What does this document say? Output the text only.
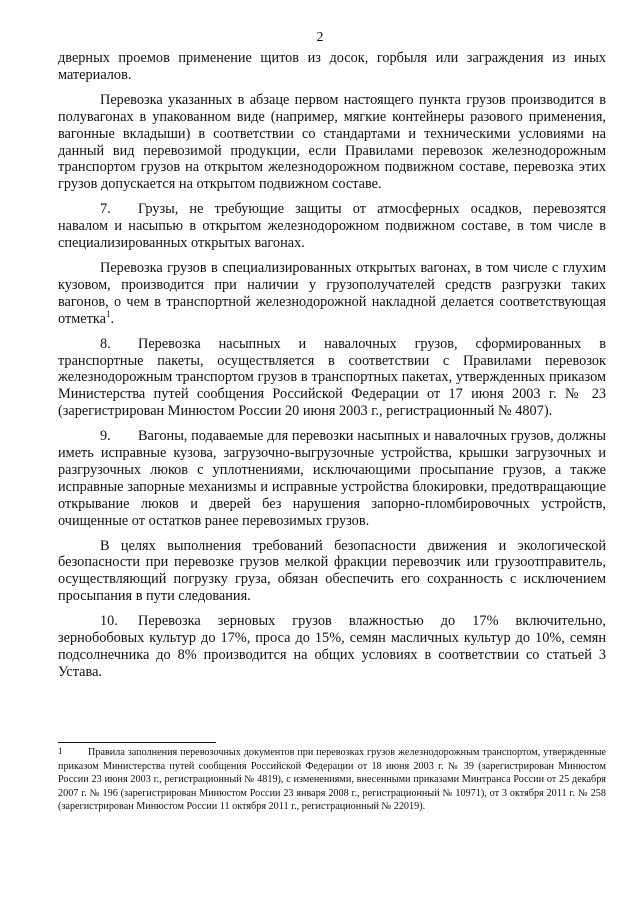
2

дверных проемов применение щитов из досок, горбыля или заграждения из иных материалов.

Перевозка указанных в абзаце первом настоящего пункта грузов производится в полувагонах в упакованном виде (например, мягкие контейнеры разового применения, вагонные вкладыши) в соответствии со стандартами и техническими условиями на данный вид перевозимой продукции, если Правилами перевозок железнодорожным транспортом грузов на открытом железнодорожном подвижном составе, перевозка этих грузов допускается на открытом подвижном составе.

7. Грузы, не требующие защиты от атмосферных осадков, перевозятся навалом и насыпью в открытом железнодорожном подвижном составе, в том числе в специализированных открытых вагонах.

Перевозка грузов в специализированных открытых вагонах, в том числе с глухим кузовом, производится при наличии у грузополучателей средств разгрузки таких вагонов, о чем в транспортной железнодорожной накладной делается соответствующая отметка$^1$.

8. Перевозка насыпных и навалочных грузов, сформированных в транспортные пакеты, осуществляется в соответствии с Правилами перевозок железнодорожным транспортом грузов в транспортных пакетах, утвержденных приказом Министерства путей сообщения Российской Федерации от 17 июня 2003 г. № 23 (зарегистрирован Минюстом России 20 июня 2003 г., регистрационный № 4807).

9. Вагоны, подаваемые для перевозки насыпных и навалочных грузов, должны иметь исправные кузова, загрузочно-выгрузочные устройства, крышки загрузочных и разгрузочных люков с уплотнениями, исключающими просыпание грузов, а также исправные запорные механизмы и исправные устройства блокировки, предотвращающие открывание люков и дверей без нарушения запорно-пломбировочных устройств, очищенные от остатков ранее перевозимых грузов.

В целях выполнения требований безопасности движения и экологической безопасности при перевозке грузов мелкой фракции перевозчик или грузоотправитель, осуществляющий погрузку груза, обязан обеспечить его сохранность с исключением просыпания в пути следования.

10. Перевозка зерновых грузов влажностью до 17% включительно, зернобобовых культур до 17%, проса до 15%, семян масличных культур до 10%, семян подсолнечника до 8% производится на общих условиях в соответствии со статьей 3 Устава.

1	Правила заполнения перевозочных документов при перевозках грузов железнодорожным транспортом, утвержденные приказом Министерства путей сообщения Российской Федерации от 18 июня 2003 г. № 39 (зарегистрирован Минюстом России 23 июня 2003 г., регистрационный № 4819), с изменениями, внесенными приказами Минтранса России от 25 декабря 2007 г. № 196 (зарегистрирован Минюстом России 23 января 2008 г., регистрационный № 10971), от 3 октября 2011 г. № 258 (зарегистрирован Минюстом России 11 октября 2011 г., регистрационный № 22019).
